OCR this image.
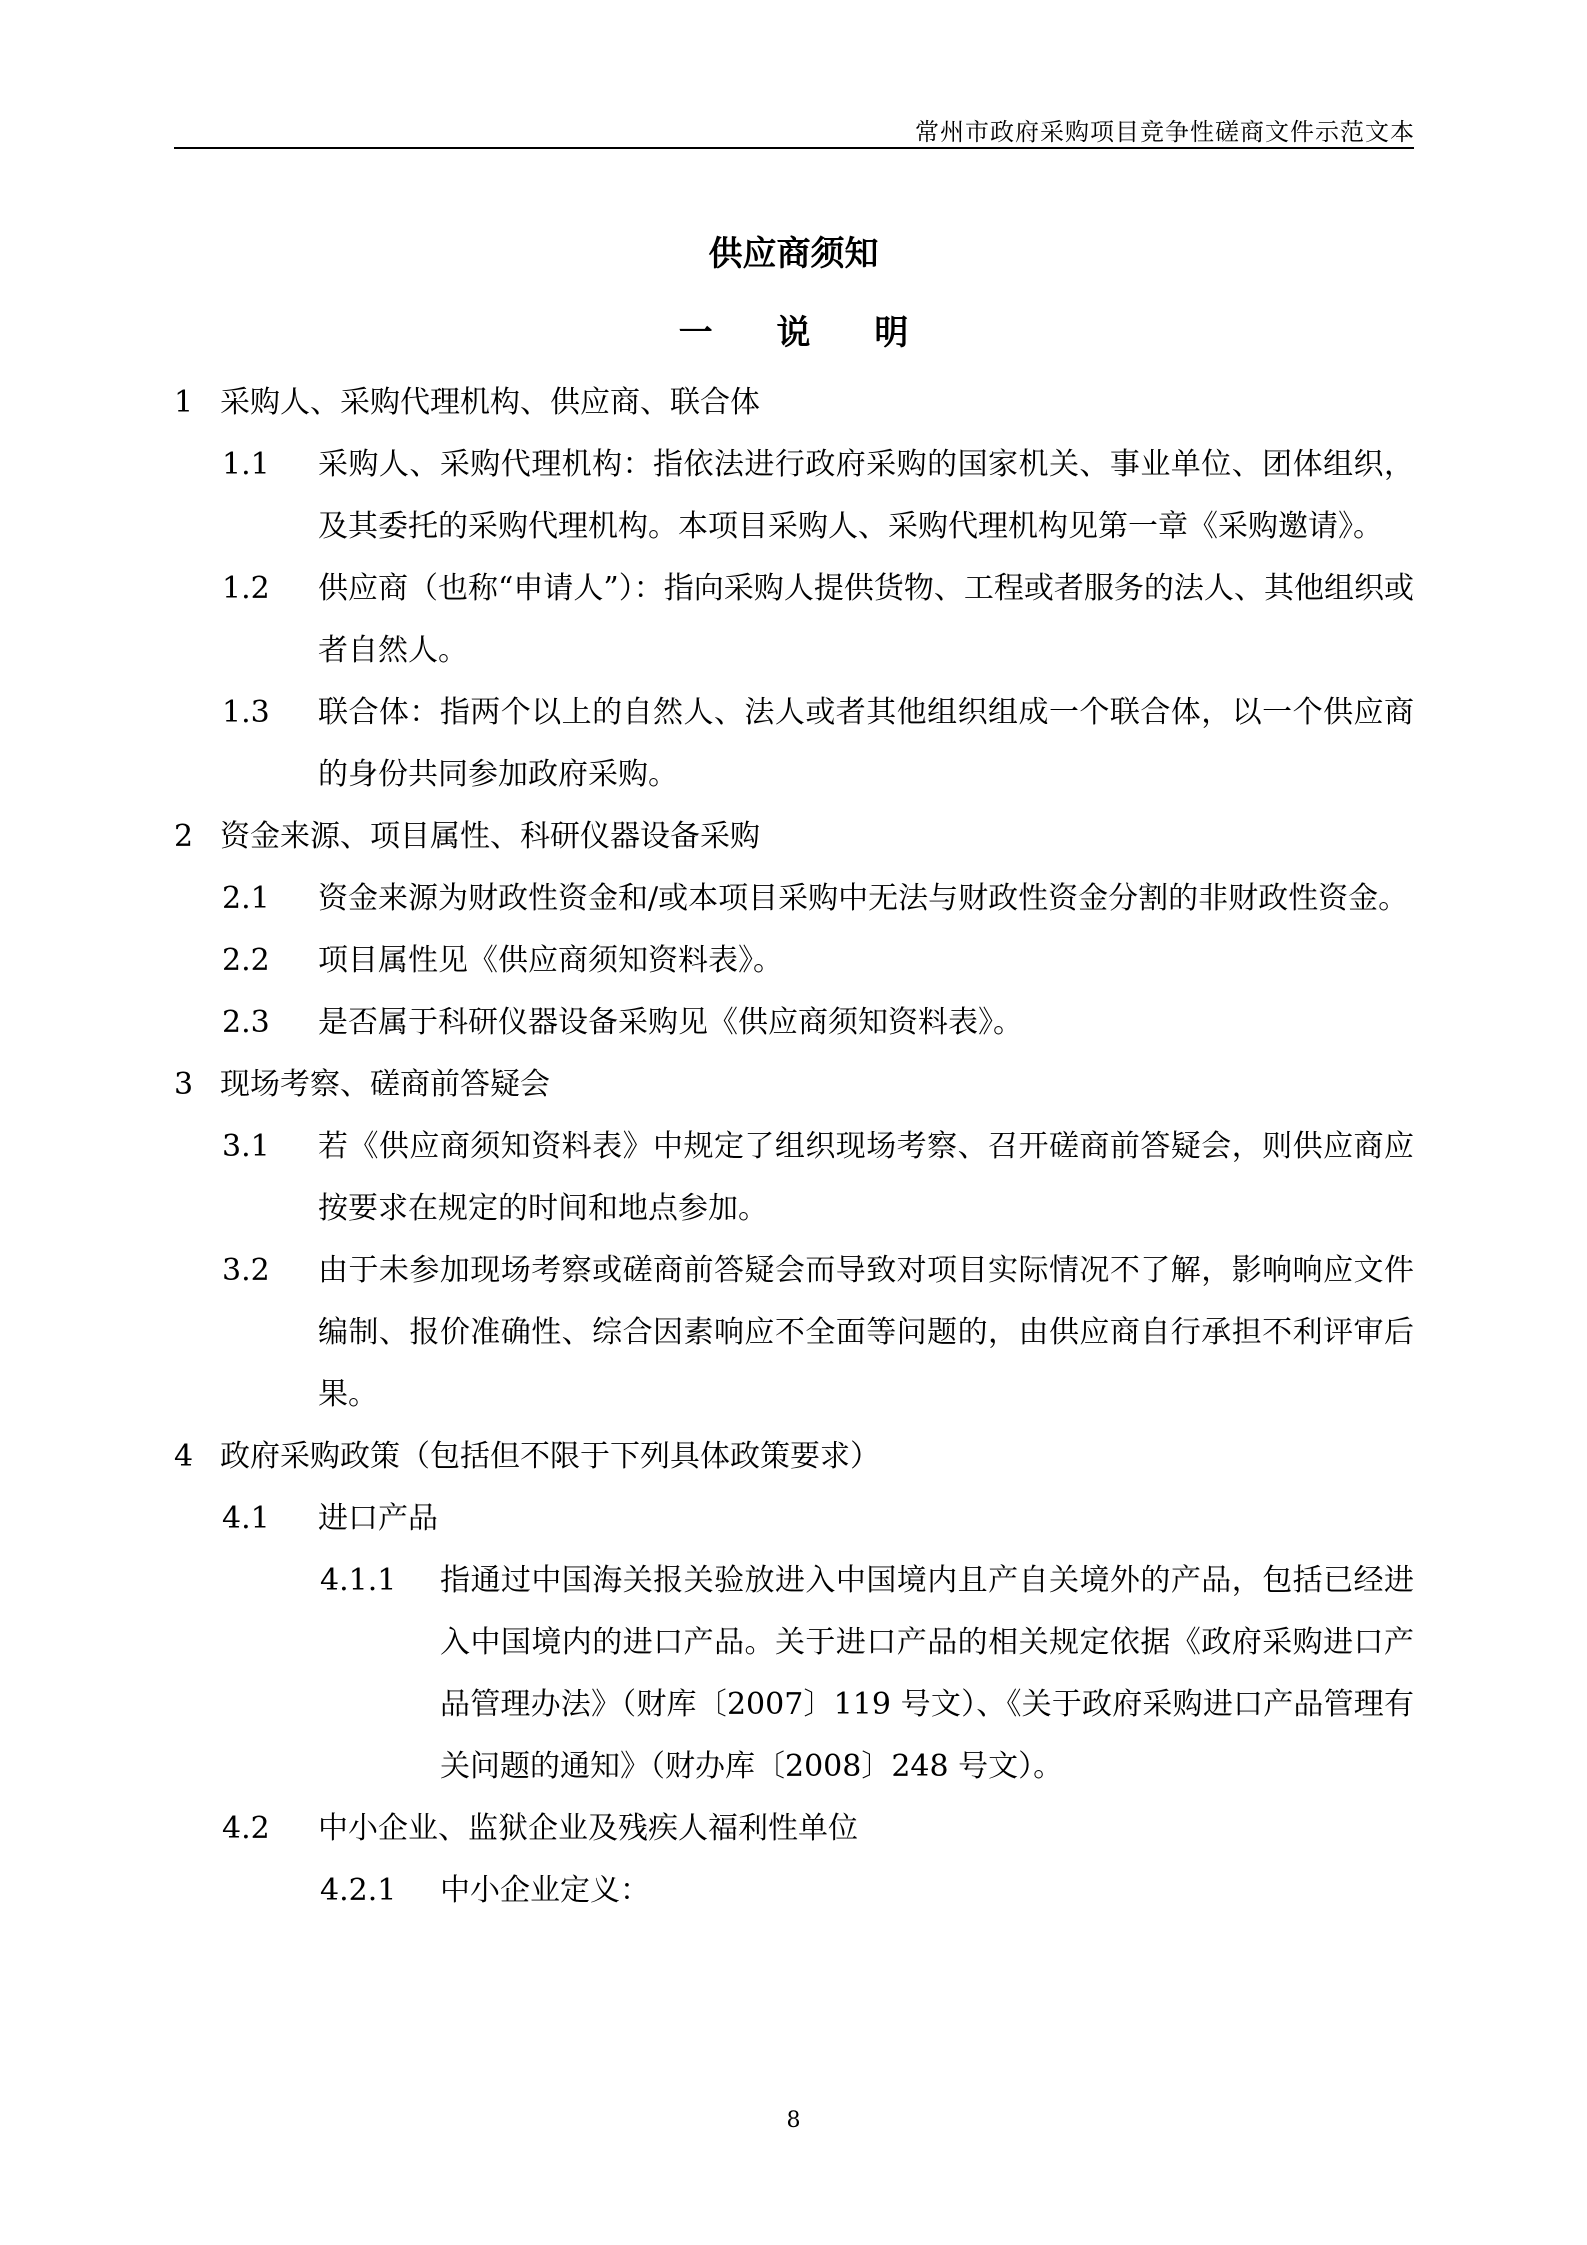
常州市政府采购项目竞争性磋商文件示范文本
供应商须知
一 说 明
1 采购人、采购代理机构、供应商、联合体
1.1	采购人、采购代理机构：指依法进行政府采购的国家机关、事业单位、团体组织，及其委托的采购代理机构。本项目采购人、采购代理机构见第一章《采购邀请》。
1.2	供应商（也称“申请人”）：指向采购人提供货物、工程或者服务的法人、其他组织或者自然人。
1.3	联合体：指两个以上的自然人、法人或者其他组织组成一个联合体，以一个供应商的身份共同参加政府采购。
2 资金来源、项目属性、科研仪器设备采购
2.1	资金来源为财政性资金和/或本项目采购中无法与财政性资金分割的非财政性资金。
2.2	项目属性见《供应商须知资料表》。
2.3	是否属于科研仪器设备采购见《供应商须知资料表》。
3 现场考察、磋商前答疑会
3.1	若《供应商须知资料表》中规定了组织现场考察、召开磋商前答疑会，则供应商应按要求在规定的时间和地点参加。
3.2	由于未参加现场考察或磋商前答疑会而导致对项目实际情况不了解，影响响应文件编制、报价准确性、综合因素响应不全面等问题的，由供应商自行承担不利评审后果。
4 政府采购政策（包括但不限于下列具体政策要求）
4.1	进口产品
4.1.1	指通过中国海关报关验放进入中国境内且产自关境外的产品，包括已经进入中国境内的进口产品。关于进口产品的相关规定依据《政府采购进口产品管理办法》（财库〔2007〕119 号文）、《关于政府采购进口产品管理有关问题的通知》（财办库〔2008〕248 号文）。
4.2	中小企业、监狱企业及残疾人福利性单位
4.2.1	中小企业定义：
8
